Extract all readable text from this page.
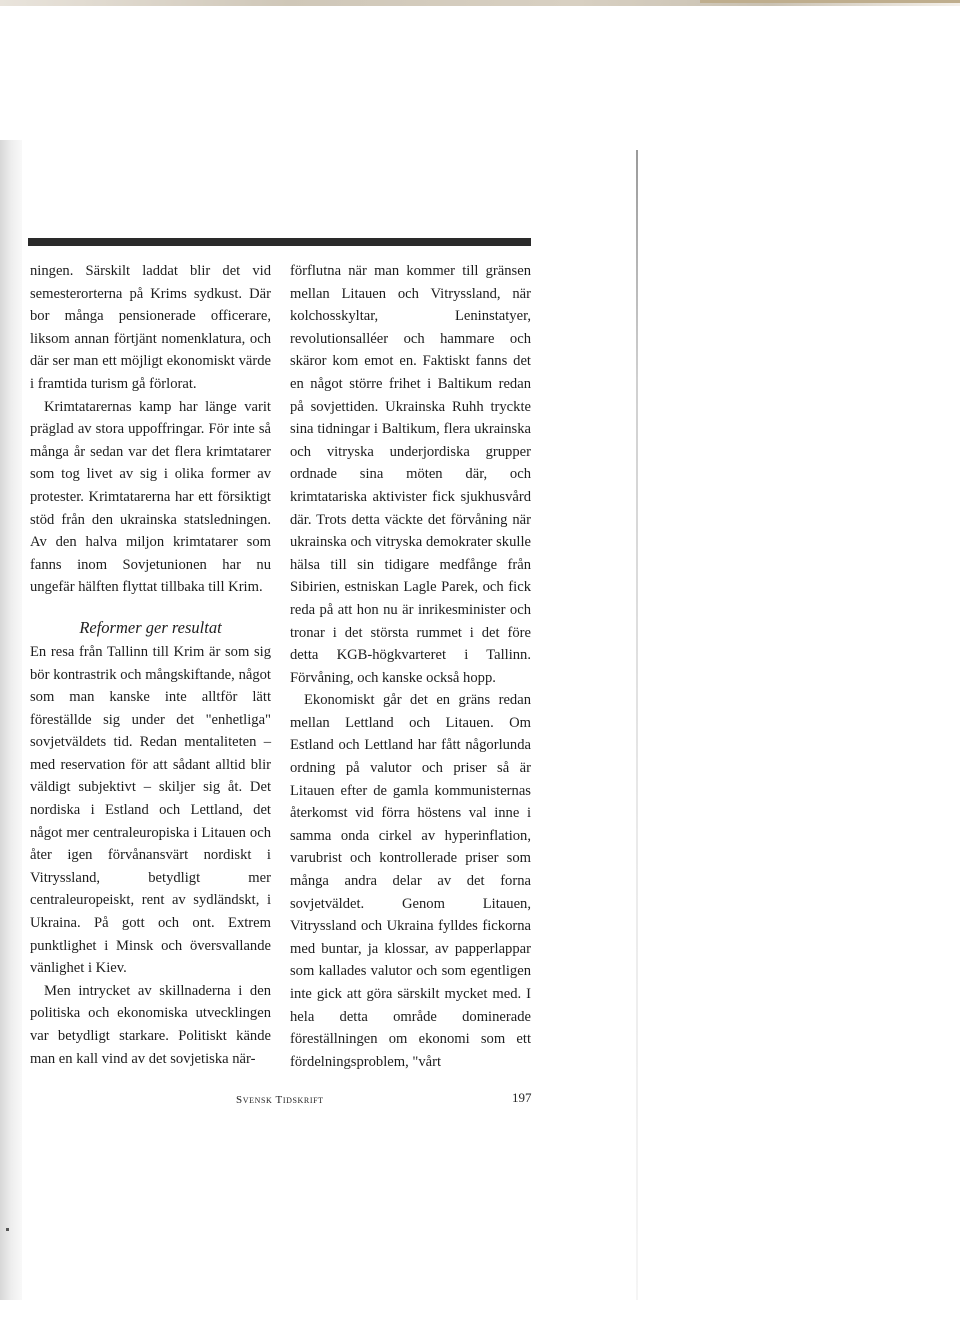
ningen. Särskilt laddat blir det vid semesterorterna på Krims sydkust. Där bor många pensionerade officerare, liksom annan förtjänt nomenklatura, och där ser man ett möjligt ekonomiskt värde i framtida turism gå förlorat.

Krimtatarernas kamp har länge varit präglad av stora uppoffringar. För inte så många år sedan var det flera krimtatarer som tog livet av sig i olika former av protester. Krimtatarerna har ett försiktigt stöd från den ukrainska statsledningen. Av den halva miljon krimtatarer som fanns inom Sovjetunionen har nu ungefär hälften flyttat tillbaka till Krim.

Reformer ger resultat

En resa från Tallinn till Krim är som sig bör kontrastrik och mångskiftande, något som man kanske inte alltför lätt föreställde sig under det "enhetliga" sovjetväldets tid. Redan mentaliteten – med reservation för att sådant alltid blir väldigt subjektivt – skiljer sig åt. Det nordiska i Estland och Lettland, det något mer centraleuropiska i Litauen och åter igen förvånansvärt nordiskt i Vitryssland, betydligt mer centraleuropeiskt, rent av sydländskt, i Ukraina. På gott och ont. Extrem punktlighet i Minsk och översvallande vänlighet i Kiev.

Men intrycket av skillnaderna i den politiska och ekonomiska utvecklingen var betydligt starkare. Politiskt kände man en kall vind av det sovjetiska när-

förflutna när man kommer till gränsen mellan Litauen och Vitryssland, när kolchosskyltar, Leninstatyer, revolutionsalléer och hammare och skäror kom emot en. Faktiskt fanns det en något större frihet i Baltikum redan på sovjettiden. Ukrainska Ruhh tryckte sina tidningar i Baltikum, flera ukrainska och vitryska underjordiska grupper ordnade sina möten där, och krimtatariska aktivister fick sjukhusvård där. Trots detta väckte det förvåning när ukrainska och vitryska demokrater skulle hälsa till sin tidigare medfånge från Sibirien, estniskan Lagle Parek, och fick reda på att hon nu är inrikesminister och tronar i det största rummet i det före detta KGB-högkvarteret i Tallinn. Förvåning, och kanske också hopp.

Ekonomiskt går det en gräns redan mellan Lettland och Litauen. Om Estland och Lettland har fått någorlunda ordning på valutor och priser så är Litauen efter de gamla kommunisternas återkomst vid förra höstens val inne i samma onda cirkel av hyperinflation, varubrist och kontrollerade priser som många andra delar av det forna sovjetväldet. Genom Litauen, Vitryssland och Ukraina fylldes fickorna med buntar, ja klossar, av papperlappar som kallades valutor och som egentligen inte gick att göra särskilt mycket med. I hela detta område dominerade föreställningen om ekonomi som ett fördelningsproblem, "vårt

Svensk Tidskrift	197
